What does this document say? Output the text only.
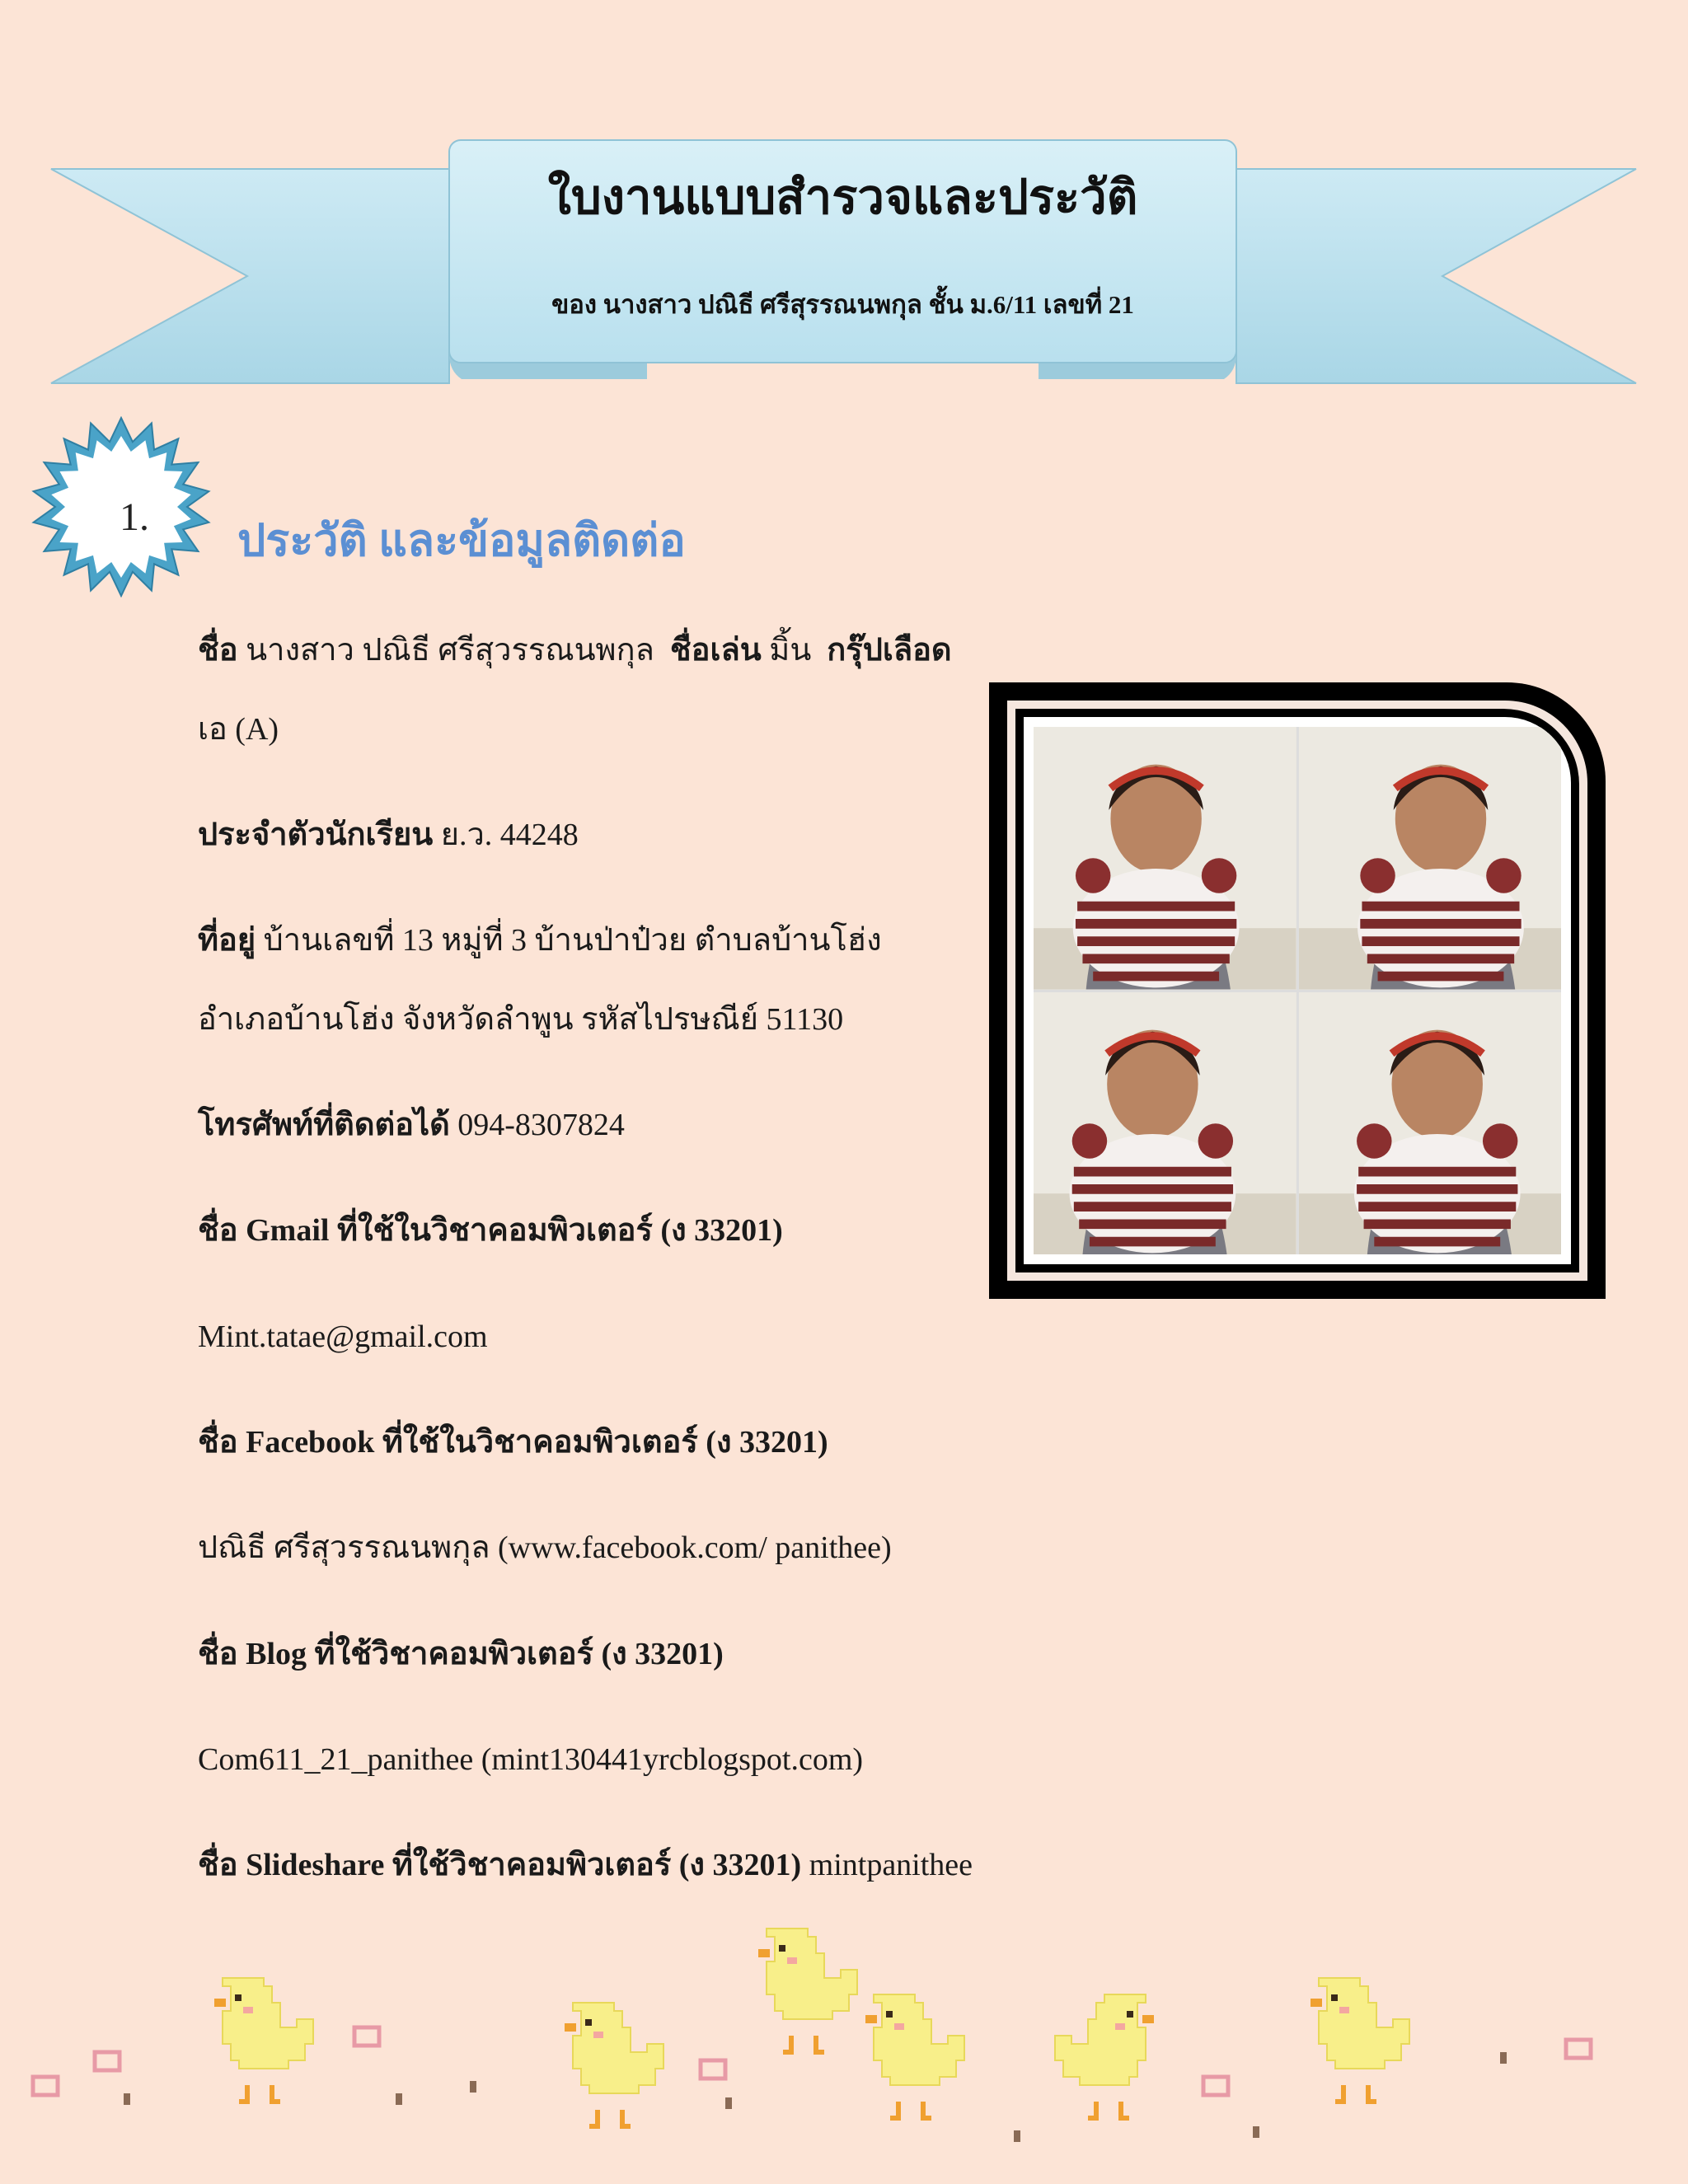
ใบงานแบบสำรวจและประวัติ
ของ นางสาว ปณิธี ศรีสุรรณนพกุล ชั้น ม.6/11 เลขที่ 21
1.	ประวัติ และข้อมูลติดต่อ
ชื่อ นางสาว ปณิธี ศรีสุวรรณนพกุล ชื่อเล่น มิ้น กรุ๊ปเลือด
เอ (A)
ประจำตัวนักเรียน ย.ว. 44248
ที่อยู่ บ้านเลขที่ 13 หมู่ที่ 3 บ้านป่าป๋วย ตำบลบ้านโฮ่ง
อำเภอบ้านโฮ่ง จังหวัดลำพูน รหัสไปรษณีย์ 51130
โทรศัพท์ที่ติดต่อได้ 094-8307824
ชื่อ Gmail ที่ใช้ในวิชาคอมพิวเตอร์ (ง 33201)
Mint.tatae@gmail.com
ชื่อ Facebook ที่ใช้ในวิชาคอมพิวเตอร์ (ง 33201)
ปณิธี ศรีสุวรรณนพกุล (www.facebook.com/ panithee)
ชื่อ Blog ที่ใช้วิชาคอมพิวเตอร์ (ง 33201)
Com611_21_panithee (mint130441yrcblogspot.com)
ชื่อ Slideshare ที่ใช้วิชาคอมพิวเตอร์ (ง 33201) mintpanithee
